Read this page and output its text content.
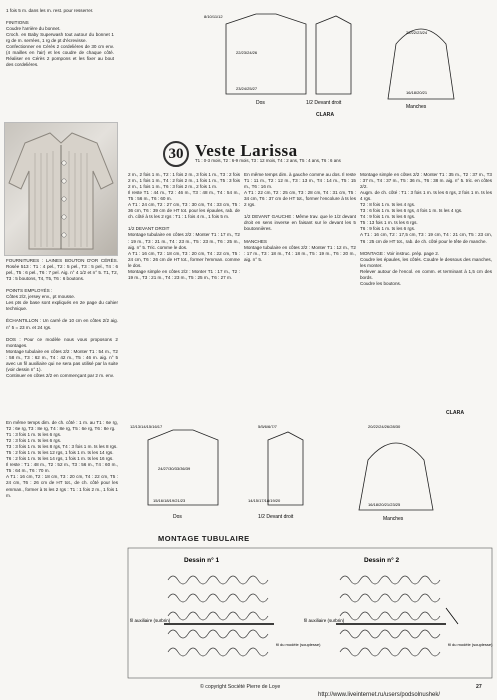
1 fois 5 m. dans les m. rest. pour resserrer.

FINITIONS
Coudre l'arrière du bonnet.
Croch. en Baby Superwash tout autour du bonnet 1 rg de m. serrées, 1 rg de pt d'écrevisse.
Confectionner en Cérès 2 cordelières de 30 cm env. (4 mailles en l'air) et les coudre de chaque côté. Réaliser en Cérès 2 pompons et les fixer au bout des cordelières.
FOURNITURES : LAINES BOUTON D'OR CÉRÈS. Rosée 513 : T1 : 4 pel., T2 : 5 pel., T3 : 5 pel., T4 : 6 pel., T5 : 6 pel., T6 : 7 pel. Aig. n° 4 1/2 et n° 5. T1, T2, T3 : 5 boutons, T4, T5, T6 : 6 boutons.

POINTS EMPLOYÉS :
Côtes 2/2, jersey env., pt mousse.
Les pts de base sont expliqués en 2e page du cahier technique.

ÉCHANTILLON : Un carré de 10 cm en côtes 2/2 aig. n° 5 = 23 m. et 24 rgs.

DOS : Pour ce modèle nous vous proposons 2 montages.
Montage tubulaire en côtes 2/2 : Monter T1 : 54 m., T2 : 58 m., T3 : 62 m., T4 : 42 m., T5 : 46 m. aig. n° 5 avec un fil auxiliaire qui ne sera pas utilisé par la suite (voir dessin n° 1).
Continuer en côtes 2/2 en commençant par 2 m. env.
En même temps dim. de ch. côté : 1 m. au T1 : 6e rg, T2 : 6e rg, T3 : 8e rg, T4 : 8e rg, T5 : 6e rg, T6 : 8e rg.
T1 : 3 fois 1 m. ts les 6 rgs.
T2 : 3 fois 1 m. ts les 6 rgs.
T3 : 3 fois 1 m. ts les 8 rgs, T4 : 3 fois 1 m. ts les 8 rgs.
T5 : 2 fois 1 m. ts les 12 rgs, 1 fois 1 m. ts les 14 rgs.
T6 : 2 fois 1 m. ts les 14 rgs, 1 fois 1 m. ts les 16 rgs.
Il reste : T1 : 48 m., T2 : 52 m., T3 : 56 m., T4 : 60 m., T5 : 64 m., T6 : 70 m.
A T1 : 16 cm, T2 : 18 cm, T3 : 20 cm, T4 : 22 cm, T5 : 24 cm, T6 : 26 cm de HT tot., de ch. côté pour les emman., former à ts les 2 rgs : T1 : 1 fois 2 m., 1 fois 1 m.
8/10/11/12
22/23/24/26
23/24/25/27
Dos	1/2 Devant droit
22/22/23/24
16/18/20/21
Manches
CLARA
30 Veste Larissa
T1 : 0-3 mois, T2 : 6-9 mois, T3 : 12 mois, T4 : 2 ans, T5 : 4 ans, T6 : 6 ans
2 m., 2 fois 1 m., T2 : 1 fois 2 m., 3 fois 1 m., T3 : 2 fois 2 m., 1 fois 1 m., T4 : 2 fois 2 m., 1 fois 1 m., T5 : 3 fois 2 m., 1 fois 1 m., T6 : 3 fois 2 m., 2 fois 1 m.
Il reste T1 : 44 m., T2 : 46 m., T3 : 48 m., T4 : 54 m., T5 : 56 m., T6 : 60 m.
A T1 : 24 cm, T2 : 27 cm, T3 : 30 cm, T4 : 33 cm, T5 : 36 cm, T6 : 39 cm de HT tot. pour les épaules, rab. de ch. côté à ts les 2 rgs : T1 : 1 fois 4 m., 1 fois 5 m.

1/2 DEVANT DROIT
Montage tubulaire en côtes 2/2 : Monter T1 : 17 m., T2 : 19 m., T3 : 21 m., T4 : 23 m., T5 : 23 m., T6 : 25 m., aig. n° 5. Tric. comme le dos.
A T1 : 16 cm, T2 : 18 cm, T3 : 20 cm, T4 : 22 cm, T5 : 24 cm, T6 : 26 cm de HT tot., former l'emman. comme le dos.
Montage simple en côtes 2/2 : Monter T1 : 17 m., T2 : 19 m., T3 : 21 m., T4 : 23 m., T5 : 25 m., T6 : 27 m.
En même temps dim. à gauche comme au dos. Il reste T1 : 11 m., T2 : 12 m., T3 : 13 m., T4 : 14 m., T5 : 15 m., T6 : 16 m.
A T1 : 22 cm, T2 : 25 cm, T3 : 28 cm, T4 : 31 cm, T5 : 34 cm, T6 : 37 cm de HT tot., former l'encolure à ts les 2 rgs.

1/2 DEVANT GAUCHE : Même trav. que le 1/2 devant droit en sens inverse en faisant sur le devant les 5 boutonnières.

MANCHES
Montage tubulaire en côtes 2/2 : Monter T1 : 12 m., T2 : 17 m., T3 : 18 m., T4 : 18 m., T5 : 19 m., T6 : 20 m., aig. n° 5.
Montage simple en côtes 2/2 : Monter T1 : 35 m., T2 : 37 m., T3 : 37 m., T4 : 37 m., T5 : 36 m., T6 : 38 m. aig. n° 5. tric. en côtes 2/2.
Augm. de ch. côté : T1 : 3 fois 1 m. ts les 6 rgs, 2 fois 1 m. ts les 4 rgs.
T2 : 8 fois 1 m. ts les 4 rgs.
T3 : 6 fois 1 m. ts les 6 rgs, 4 fois 1 m. ts les 4 rgs.
T4 : 9 fois 1 m. ts les 6 rgs.
T5 : 13 fois 1 m. ts les 6 rgs.
T6 : 9 fois 1 m. ts les 6 rgs.
A T1 : 16 cm, T2 : 17,5 cm, T3 : 19 cm, T4 : 21 cm, T5 : 23 cm, T6 : 25 cm de HT tot., rab. de ch. côté pour le tête de manche.

MONTAGE : Voir instruc. prép. page 2.
Coudre les épaules, les côtés. Coudre le dessous des manches, les monter.
Relever autour de l'encol. en comm. et terminant à 1,5 cm des bords.
Coudre les boutons.
CLARA
12/13/14/15/16/17
24/27/30/33/36/39
15/16/18/19/21/23
Dos
5/5/6/6/7/7
14/15/17/18/19/20
1/2 Devant droit
20/22/24/26/28/30
16/18/20/21/23/25
Manches
MONTAGE TUBULAIRE
Dessin n° 1	Dessin n° 2
fil auxiliaire (surbrin)
fil du modèle (souplesse)
fil auxiliaire (surbrin)
fil du modèle (souplesse)
© copyright Société Pierre de Loye
http://www.liveinternet.ru/users/podsolnushek/
27
